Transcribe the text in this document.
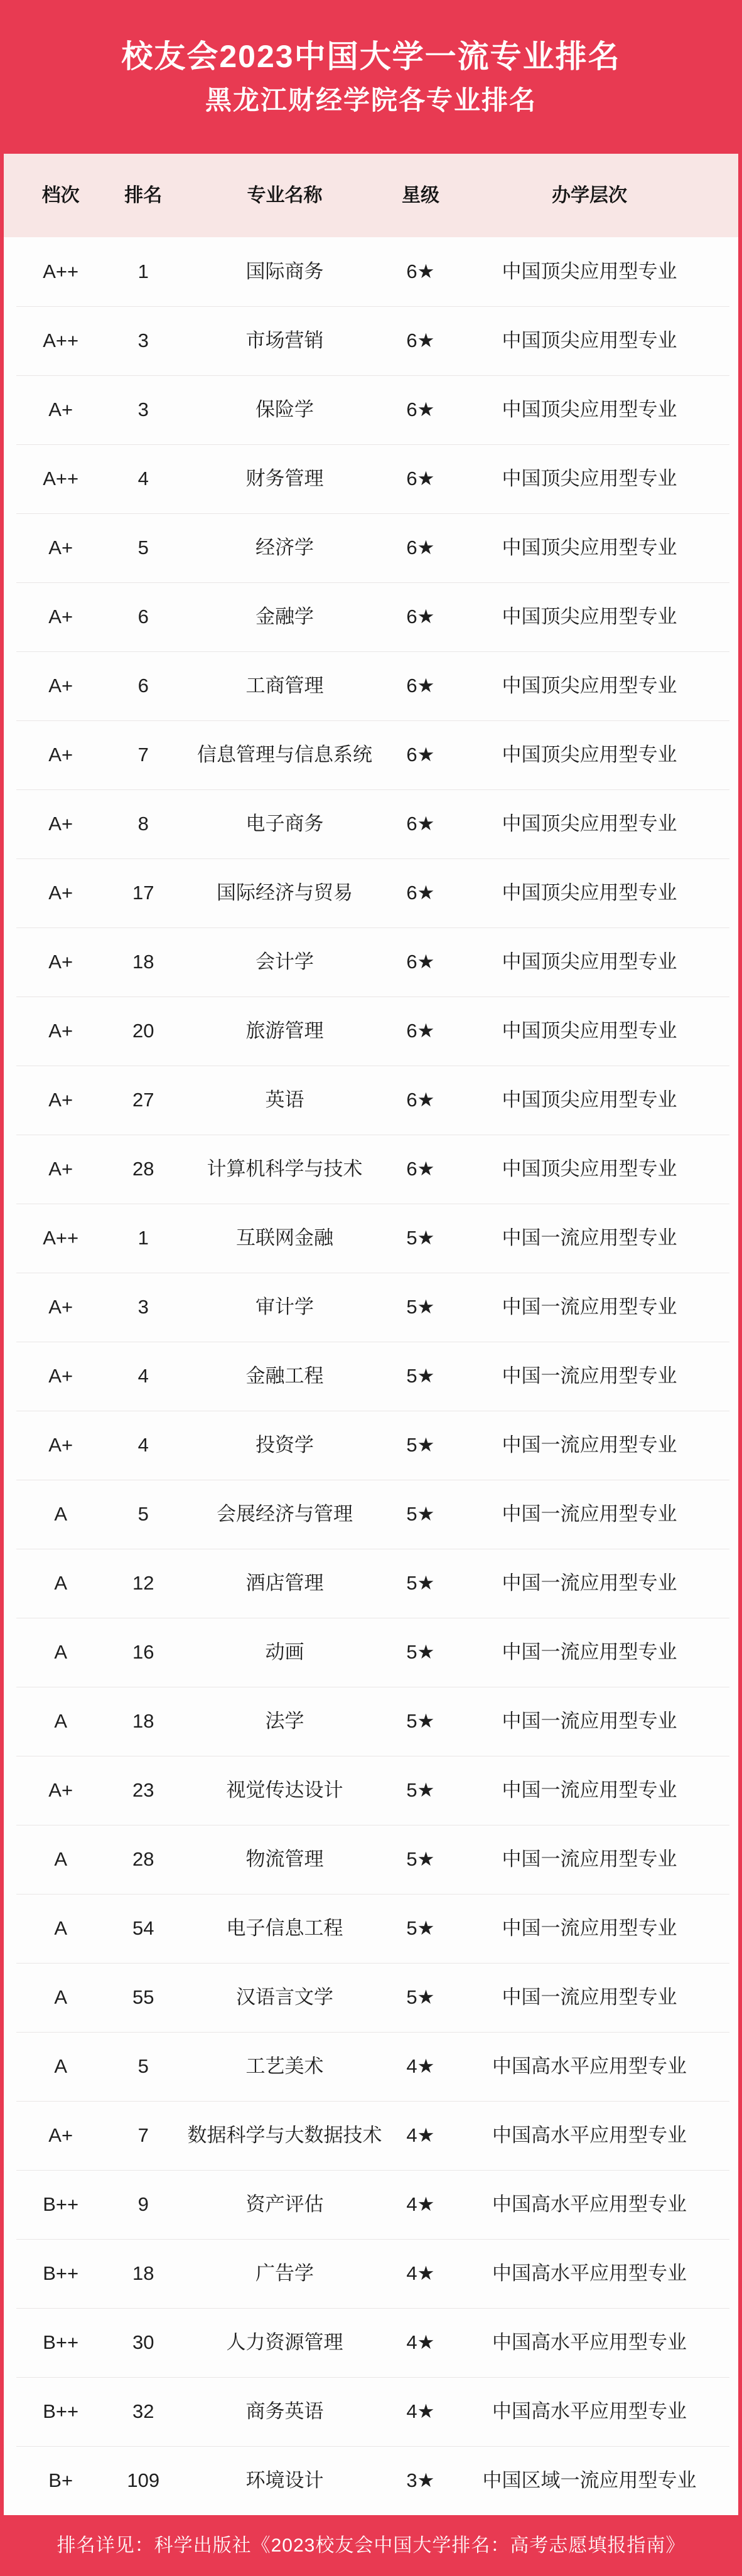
校友会2023中国大学一流专业排名
黑龙江财经学院各专业排名
档次	排名	专业名称	星级	办学层次
A++	1	国际商务	6★	中国顶尖应用型专业
A++	3	市场营销	6★	中国顶尖应用型专业
A+	3	保险学	6★	中国顶尖应用型专业
A++	4	财务管理	6★	中国顶尖应用型专业
A+	5	经济学	6★	中国顶尖应用型专业
A+	6	金融学	6★	中国顶尖应用型专业
A+	6	工商管理	6★	中国顶尖应用型专业
A+	7	信息管理与信息系统	6★	中国顶尖应用型专业
A+	8	电子商务	6★	中国顶尖应用型专业
A+	17	国际经济与贸易	6★	中国顶尖应用型专业
A+	18	会计学	6★	中国顶尖应用型专业
A+	20	旅游管理	6★	中国顶尖应用型专业
A+	27	英语	6★	中国顶尖应用型专业
A+	28	计算机科学与技术	6★	中国顶尖应用型专业
A++	1	互联网金融	5★	中国一流应用型专业
A+	3	审计学	5★	中国一流应用型专业
A+	4	金融工程	5★	中国一流应用型专业
A+	4	投资学	5★	中国一流应用型专业
A	5	会展经济与管理	5★	中国一流应用型专业
A	12	酒店管理	5★	中国一流应用型专业
A	16	动画	5★	中国一流应用型专业
A	18	法学	5★	中国一流应用型专业
A+	23	视觉传达设计	5★	中国一流应用型专业
A	28	物流管理	5★	中国一流应用型专业
A	54	电子信息工程	5★	中国一流应用型专业
A	55	汉语言文学	5★	中国一流应用型专业
A	5	工艺美术	4★	中国高水平应用型专业
A+	7	数据科学与大数据技术	4★	中国高水平应用型专业
B++	9	资产评估	4★	中国高水平应用型专业
B++	18	广告学	4★	中国高水平应用型专业
B++	30	人力资源管理	4★	中国高水平应用型专业
B++	32	商务英语	4★	中国高水平应用型专业
B+	109	环境设计	3★	中国区域一流应用型专业
排名详见：科学出版社《2023校友会中国大学排名：高考志愿填报指南》
